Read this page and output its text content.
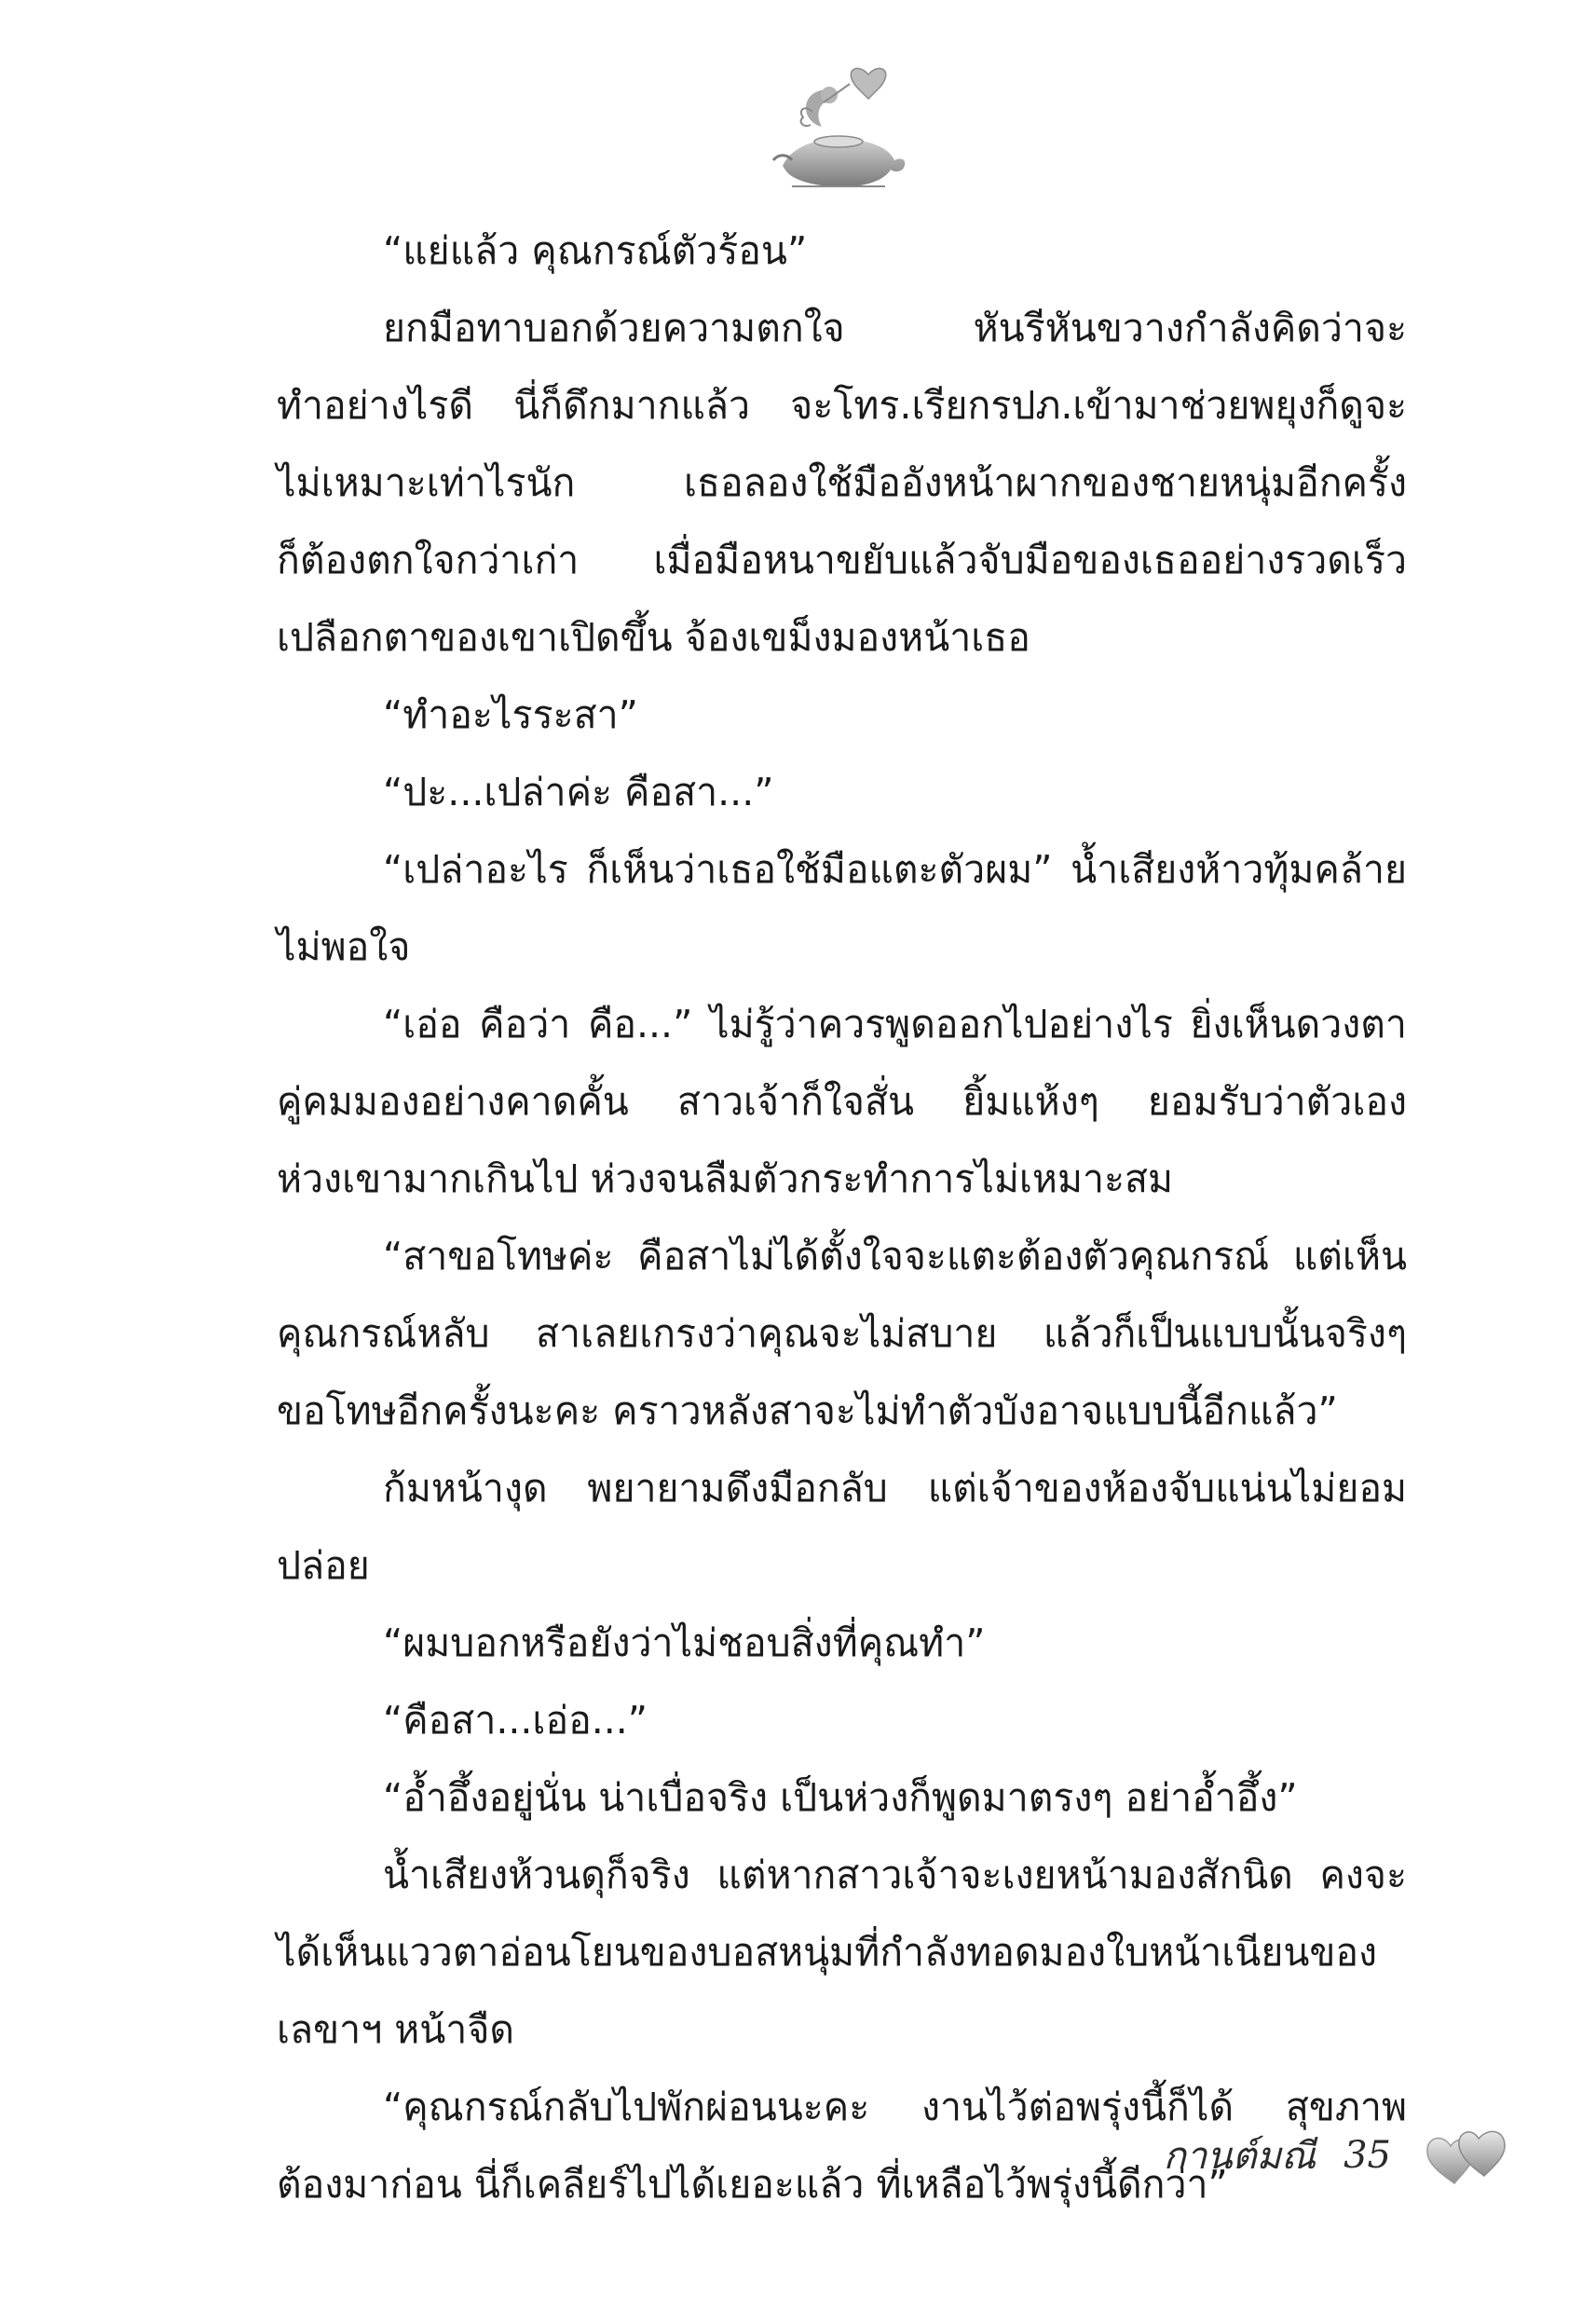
“แย่แล้ว คุณกรณ์ตัวร้อน”
ยกมือทาบอกด้วยความตกใจ	หันรีหันขวางกำลังคิดว่าจะ
ทำอย่างไรดี นี่ก็ดึกมากแล้ว จะโทร.เรียกรปภ.เข้ามาช่วยพยุงก็ดูจะ
ไม่เหมาะเท่าไรนัก	เธอลองใช้มืออังหน้าผากของชายหนุ่มอีกครั้ง
ก็ต้องตกใจกว่าเก่า เมื่อมือหนาขยับแล้วจับมือของเธออย่างรวดเร็ว
เปลือกตาของเขาเปิดขึ้น จ้องเขม็งมองหน้าเธอ
“ทำอะไรระสา”
“ปะ...เปล่าค่ะ คือสา...”
“เปล่าอะไร ก็เห็นว่าเธอใช้มือแตะตัวผม” น้ำเสียงห้าวทุ้มคล้าย
ไม่พอใจ
“เอ่อ คือว่า คือ...” ไม่รู้ว่าควรพูดออกไปอย่างไร ยิ่งเห็นดวงตา
คู่คมมองอย่างคาดคั้น สาวเจ้าก็ใจสั่น ยิ้มแห้งๆ ยอมรับว่าตัวเอง
ห่วงเขามากเกินไป ห่วงจนลืมตัวกระทำการไม่เหมาะสม
“สาขอโทษค่ะ คือสาไม่ได้ตั้งใจจะแตะต้องตัวคุณกรณ์ แต่เห็น
คุณกรณ์หลับ สาเลยเกรงว่าคุณจะไม่สบาย แล้วก็เป็นแบบนั้นจริงๆ
ขอโทษอีกครั้งนะคะ คราวหลังสาจะไม่ทำตัวบังอาจแบบนี้อีกแล้ว”
ก้มหน้างุด พยายามดึงมือกลับ แต่เจ้าของห้องจับแน่นไม่ยอม
ปล่อย
“ผมบอกหรือยังว่าไม่ชอบสิ่งที่คุณทำ”
“คือสา...เอ่อ...”
“อ้ำอึ้งอยู่นั่น น่าเบื่อจริง เป็นห่วงก็พูดมาตรงๆ อย่าอ้ำอึ้ง”
น้ำเสียงห้วนดุก็จริง แต่หากสาวเจ้าจะเงยหน้ามองสักนิด คงจะ
ได้เห็นแววตาอ่อนโยนของบอสหนุ่มที่กำลังทอดมองใบหน้าเนียนของ
เลขาฯ หน้าจืด
“คุณกรณ์กลับไปพักผ่อนนะคะ งานไว้ต่อพรุ่งนี้ก็ได้ สุขภาพ
ต้องมาก่อน นี่ก็เคลียร์ไปได้เยอะแล้ว ที่เหลือไว้พรุ่งนี้ดีกว่า”
กานต์มณี 35
